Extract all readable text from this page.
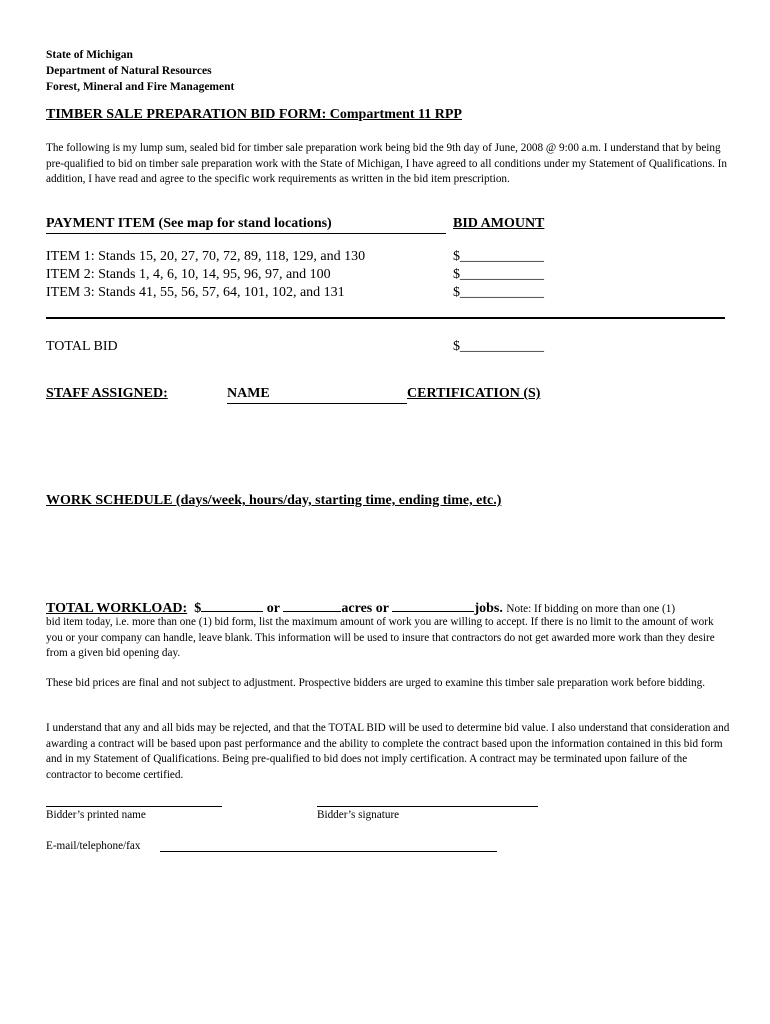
State of Michigan
Department of Natural Resources
Forest, Mineral and Fire Management
TIMBER SALE PREPARATION BID FORM: Compartment 11 RPP
The following is my lump sum, sealed bid for timber sale preparation work being bid the 9th day of June, 2008 @ 9:00 a.m. I understand that by being pre-qualified to bid on timber sale preparation work with the State of Michigan, I have agreed to all conditions under my Statement of Qualifications. In addition, I have read and agree to the specific work requirements as written in the bid item prescription.
PAYMENT ITEM (See map for stand locations)	BID AMOUNT
ITEM 1: Stands 15, 20, 27, 70, 72, 89, 118, 129, and 130	$____________
ITEM 2: Stands 1, 4, 6, 10, 14, 95, 96, 97, and 100	$____________
ITEM 3: Stands 41, 55, 56, 57, 64, 101, 102, and 131	$____________
TOTAL BID	$____________
STAFF ASSIGNED:	NAME	CERTIFICATION (S)
WORK SCHEDULE (days/week, hours/day, starting time, ending time, etc.)
TOTAL WORKLOAD: $	or	acres or	jobs. Note: If bidding on more than one (1)
bid item today, i.e. more than one (1) bid form, list the maximum amount of work you are willing to accept. If there is no limit to the amount of work you or your company can handle, leave blank. This information will be used to insure that contractors do not get awarded more work than they desire from a given bid opening day.
These bid prices are final and not subject to adjustment. Prospective bidders are urged to examine this timber sale preparation work before bidding.
I understand that any and all bids may be rejected, and that the TOTAL BID will be used to determine bid value. I also understand that consideration and awarding a contract will be based upon past performance and the ability to complete the contract based upon the information contained in this bid form and in my Statement of Qualifications. Being pre-qualified to bid does not imply certification. A contract may be terminated upon failure of the contractor to become certified.
Bidder’s printed name	Bidder’s signature
E-mail/telephone/fax
